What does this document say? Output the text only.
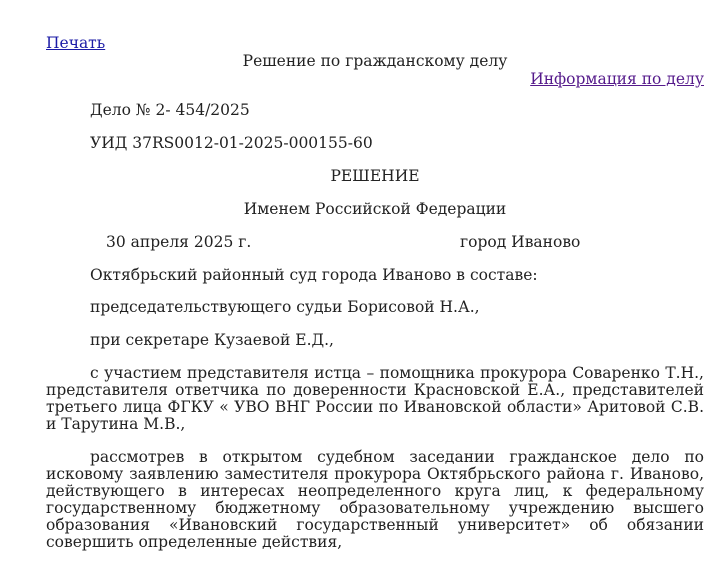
Печать
Решение по гражданскому делу
Информация по делу

Дело № 2- 454/2025

УИД 37RS0012-01-2025-000155-60

РЕШЕНИЕ

Именем Российской Федерации

30 апреля 2025 г.	город Иваново

Октябрьский районный суд города Иваново в составе:

председательствующего судьи Борисовой Н.А.,

при секретаре Кузаевой Е.Д.,

с участием представителя истца – помощника прокурора Соваренко Т.Н., представителя ответчика по доверенности Красновской Е.А., представителей третьего лица ФГКУ « УВО ВНГ России по Ивановской области» Аритовой С.В. и Тарутина М.В.,

рассмотрев в открытом судебном заседании гражданское дело по исковому заявлению заместителя прокурора Октябрьского района г. Иваново, действующего в интересах неопределенного круга лиц, к федеральному государственному бюджетному образовательному учреждению высшего образования «Ивановский государственный университет» об обязании совершить определенные действия,
